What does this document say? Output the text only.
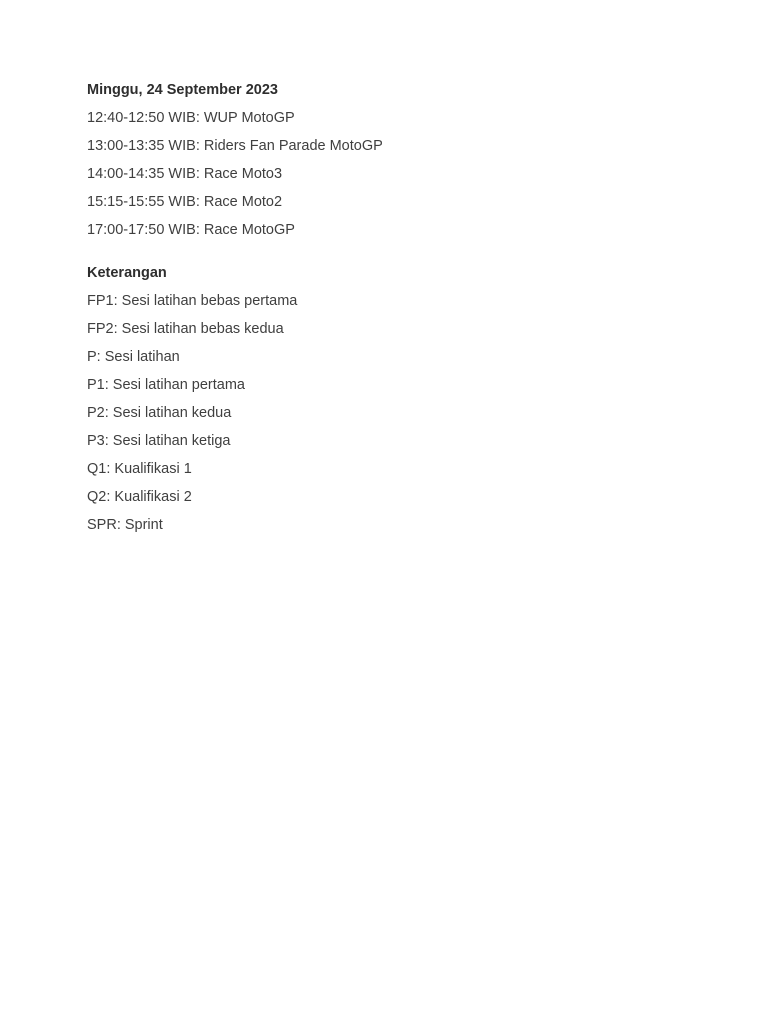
Minggu, 24 September 2023

12:40-12:50 WIB: WUP MotoGP

13:00-13:35 WIB: Riders Fan Parade MotoGP

14:00-14:35 WIB: Race Moto3

15:15-15:55 WIB: Race Moto2

17:00-17:50 WIB: Race MotoGP

Keterangan

FP1: Sesi latihan bebas pertama

FP2: Sesi latihan bebas kedua

P: Sesi latihan

P1: Sesi latihan pertama

P2: Sesi latihan kedua

P3: Sesi latihan ketiga

Q1: Kualifikasi 1

Q2: Kualifikasi 2

SPR: Sprint
